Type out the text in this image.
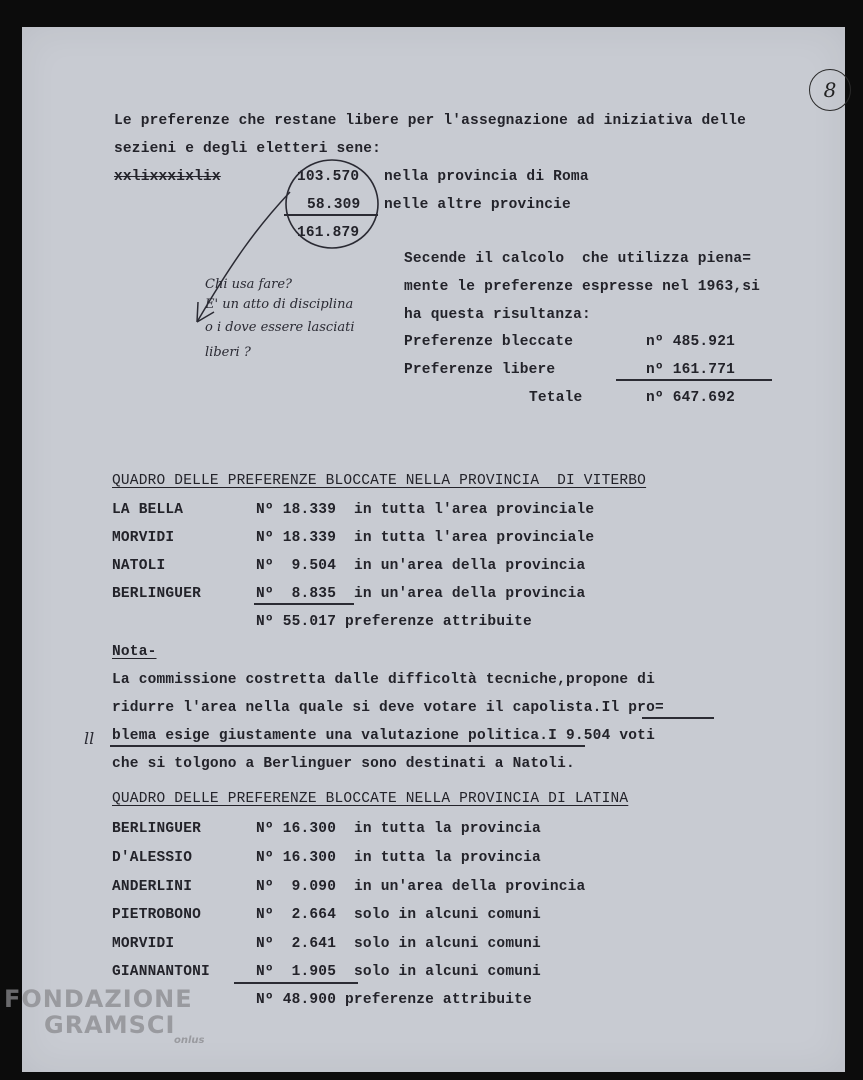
8
Le preferenze che restane libere per l'assegnazione ad iniziativa delle
sezieni e degli eletteri sene:
xxlixxxixlix	103.570 nella provincia di Roma
58.309 nelle altre provincie
161.879
Chi usa fare?
E' un atto di disciplina
o i dove essere lasciati
liberi ?
Secende il calcolo  che utilizza piena=
mente le preferenze espresse nel 1963,si
ha questa risultanza:
Preferenze blеccate	nº 485.921
Preferenze libere	nº 161.771
Tetale	nº 647.692
QUADRO DELLE PREFERENZE BLOCCATE NELLA PROVINCIA  DI VITERBO
LA BELLA	Nº 18.339 in tutta l'area provinciale
MORVIDI	Nº 18.339 in tutta l'area provinciale
NATOLI	Nº  9.504 in un'area della provincia
BERLINGUER	Nº  8.835 in un'area della provincia
Nº 55.017 preferenze attribuite
Nota-
La commissione costretta dalle difficoltà tecniche,propone di
ridurre l'area nella quale si deve votare il capolista.Il pro=
blema esige giustamente una valutazione politica.I 9.504 voti
che si tolgono a Berlinguer sono destinati a Natoli.
ll
QUADRO DELLE PREFERENZE BLOCCATE NELLA PROVINCIA DI LATINA
BERLINGUER	Nº 16.300 in tutta la provincia
D'ALESSIO	Nº 16.300 in tutta la provincia
ANDERLINI	Nº  9.090 in un'area della provincia
PIETROBONO	Nº  2.664 solo in alcuni comuni
MORVIDI	Nº  2.641 solo in alcuni comuni
GIANNANTONI	Nº  1.905 solo in alcuni comuni
Nº 48.900 preferenze attribuite
FONDAZIONE
GRAMSCI
onlus
